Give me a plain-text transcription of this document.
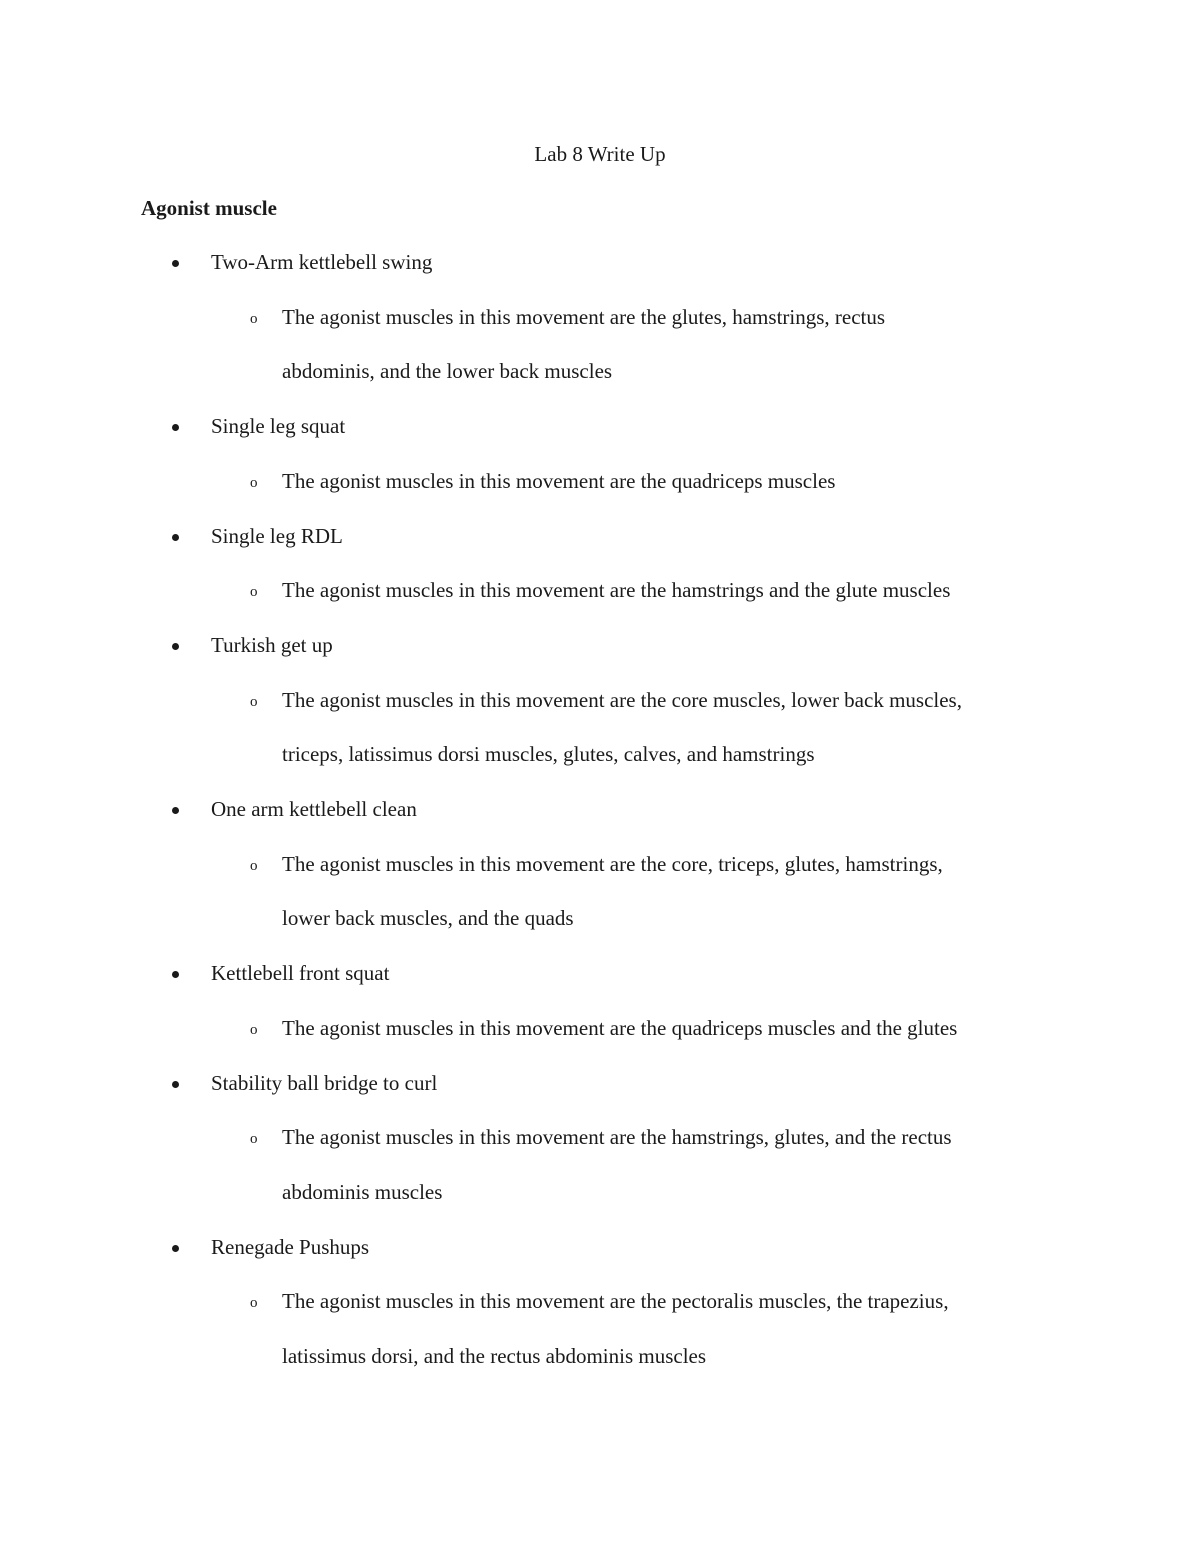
Lab 8 Write Up
Agonist muscle
Two-Arm kettlebell swing
o The agonist muscles in this movement are the glutes, hamstrings, rectus
abdominis, and the lower back muscles
Single leg squat
o The agonist muscles in this movement are the quadriceps muscles
Single leg RDL
o The agonist muscles in this movement are the hamstrings and the glute muscles
Turkish get up
o The agonist muscles in this movement are the core muscles, lower back muscles,
triceps, latissimus dorsi muscles, glutes, calves, and hamstrings
One arm kettlebell clean
o The agonist muscles in this movement are the core, triceps, glutes, hamstrings,
lower back muscles, and the quads
Kettlebell front squat
o The agonist muscles in this movement are the quadriceps muscles and the glutes
Stability ball bridge to curl
o The agonist muscles in this movement are the hamstrings, glutes, and the rectus
abdominis muscles
Renegade Pushups
o The agonist muscles in this movement are the pectoralis muscles, the trapezius,
latissimus dorsi, and the rectus abdominis muscles
